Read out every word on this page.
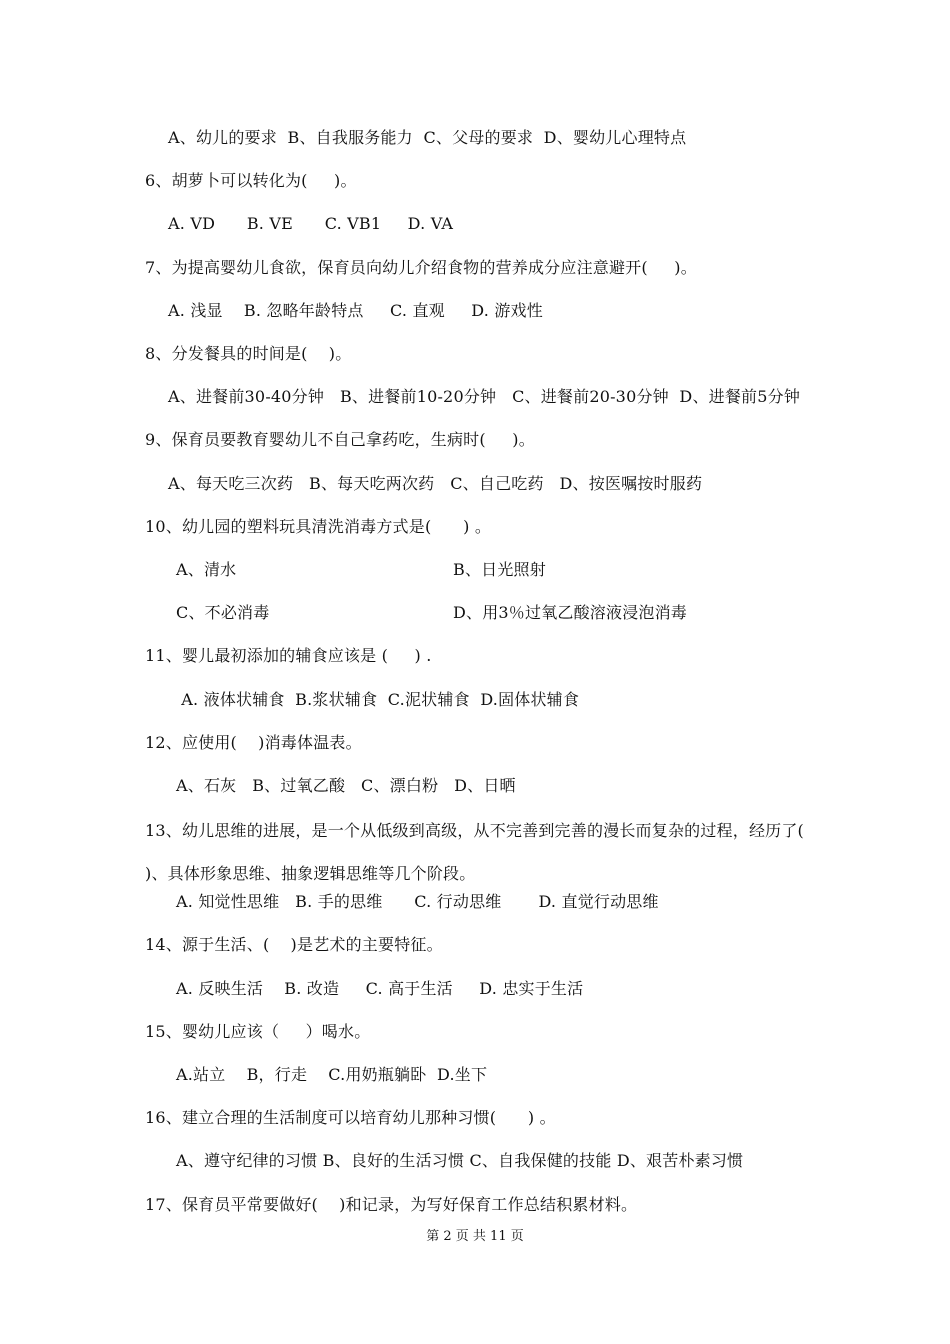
A、幼儿的要求  B、自我服务能力  C、父母的要求  D、婴幼儿心理特点
6、胡萝卜可以转化为(     )。
A. VD      B. VE      C. VB1     D. VA
7、为提高婴幼儿食欲，保育员向幼儿介绍食物的营养成分应注意避开(     )。
A. 浅显    B. 忽略年龄特点     C. 直观     D. 游戏性
8、分发餐具的时间是(    )。
A、进餐前30-40分钟   B、进餐前10-20分钟   C、进餐前20-30分钟  D、进餐前5分钟
9、保育员要教育婴幼儿不自己拿药吃，生病时(     )。
A、每天吃三次药   B、每天吃两次药   C、自己吃药   D、按医嘱按时服药
10、幼儿园的塑料玩具清洗消毒方式是(      ) 。
A、清水	B、日光照射
C、不必消毒	D、用3％过氧乙酸溶液浸泡消毒
11、婴儿最初添加的辅食应该是 (     ) .
A. 液体状辅食  B.浆状辅食  C.泥状辅食  D.固体状辅食
12、应使用(    )消毒体温表。
A、石灰   B、过氧乙酸   C、漂白粉   D、日晒
13、幼儿思维的进展，是一个从低级到高级，从不完善到完善的漫长而复杂的过程，经历了( )、具体形象思维、抽象逻辑思维等几个阶段。
A. 知觉性思维   B. 手的思维      C. 行动思维       D. 直觉行动思维
14、源于生活、(    )是艺术的主要特征。
A. 反映生活    B. 改造     C. 高于生活     D. 忠实于生活
15、婴幼儿应该（     ）喝水。
A.站立    B，行走    C.用奶瓶躺卧  D.坐下
16、建立合理的生活制度可以培育幼儿那种习惯(      ) 。
A、遵守纪律的习惯 B、良好的生活习惯 C、自我保健的技能 D、艰苦朴素习惯
17、保育员平常要做好(    )和记录，为写好保育工作总结积累材料。
第 2 页 共 11 页
